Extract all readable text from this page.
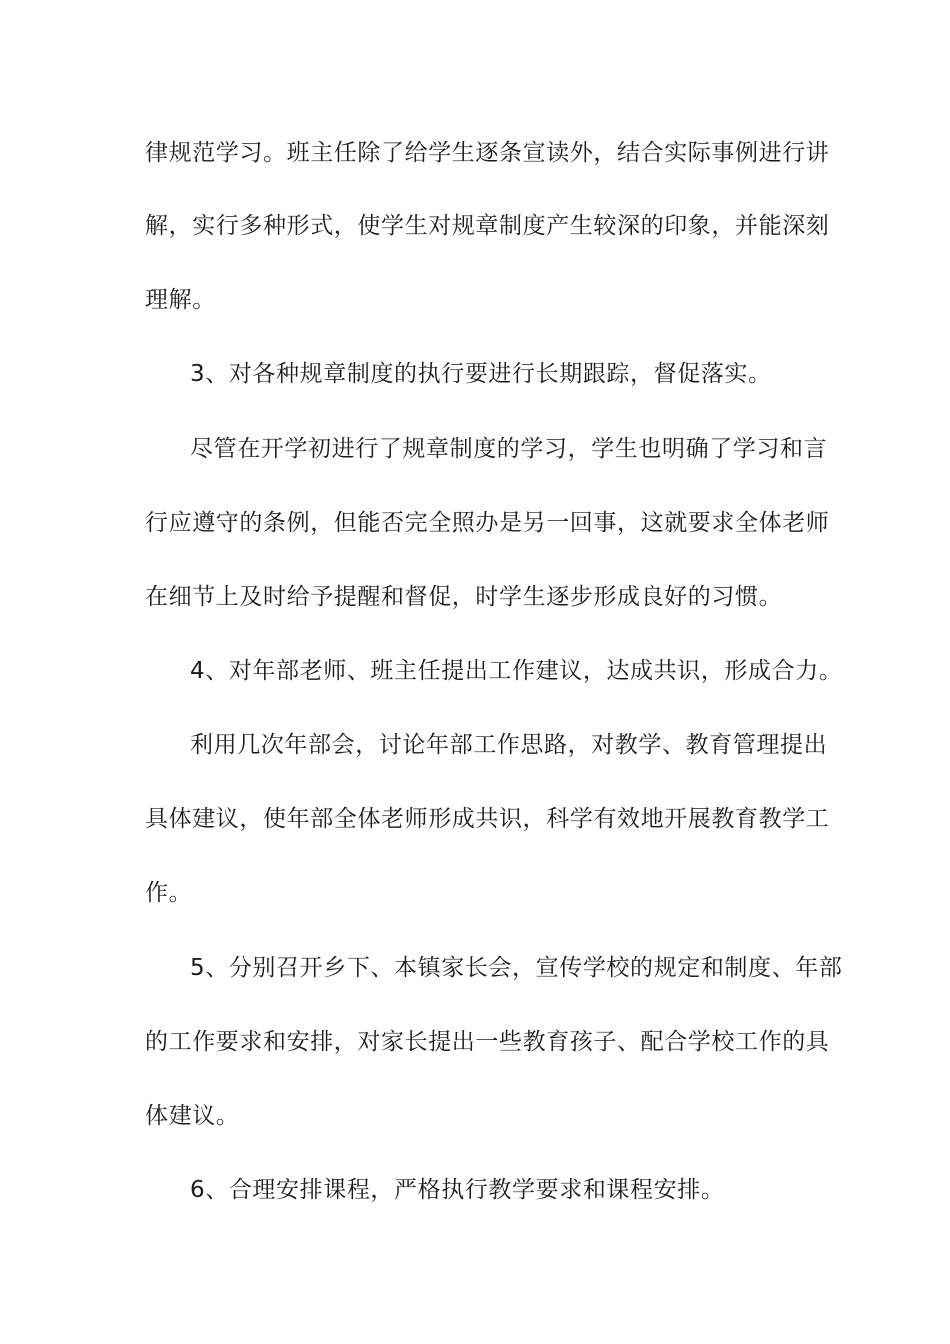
律规范学习。班主任除了给学生逐条宣读外，结合实际事例进行讲
解，实行多种形式，使学生对规章制度产生较深的印象，并能深刻
理解。
3、对各种规章制度的执行要进行长期跟踪，督促落实。
尽管在开学初进行了规章制度的学习，学生也明确了学习和言
行应遵守的条例，但能否完全照办是另一回事，这就要求全体老师
在细节上及时给予提醒和督促，时学生逐步形成良好的习惯。
4、对年部老师、班主任提出工作建议，达成共识，形成合力。
利用几次年部会，讨论年部工作思路，对教学、教育管理提出
具体建议，使年部全体老师形成共识，科学有效地开展教育教学工
作。
5、分别召开乡下、本镇家长会，宣传学校的规定和制度、年部
的工作要求和安排，对家长提出一些教育孩子、配合学校工作的具
体建议。
6、合理安排课程，严格执行教学要求和课程安排。
